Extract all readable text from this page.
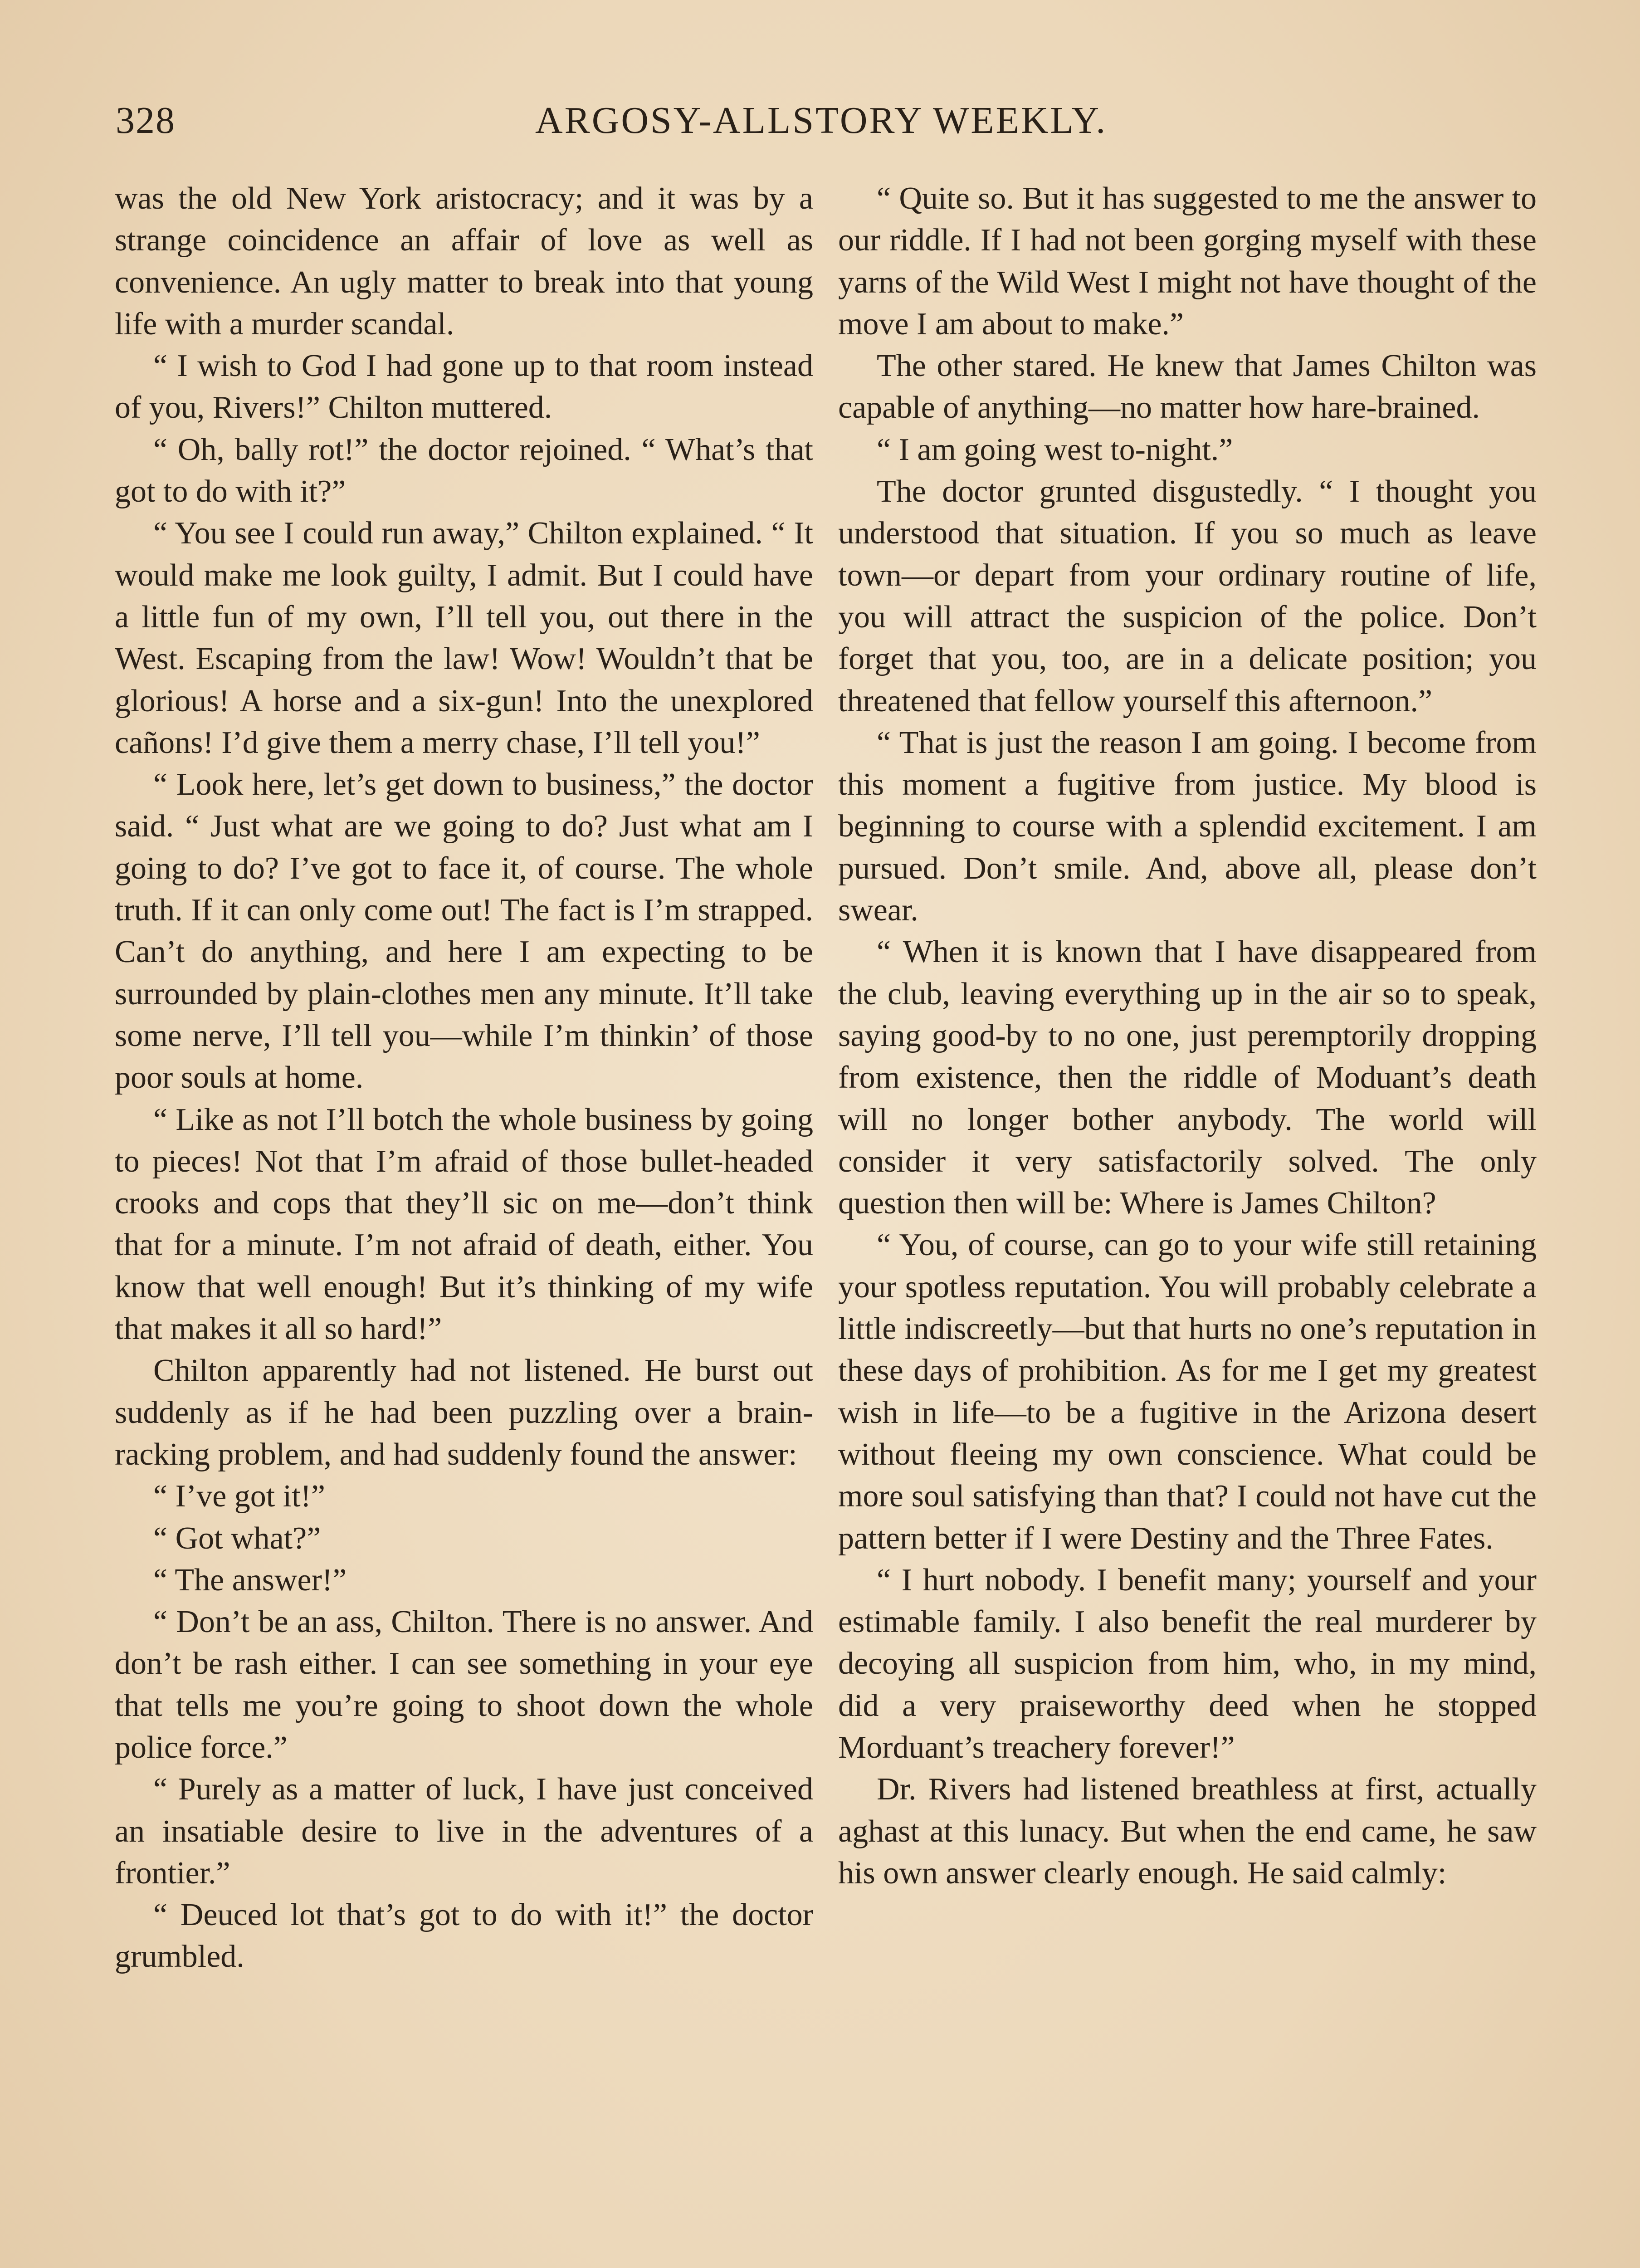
328	ARGOSY-ALLSTORY WEEKLY.

was the old New York aristocracy; and it was by a strange coincidence an affair of love as well as convenience. An ugly matter to break into that young life with a murder scandal.

“ I wish to God I had gone up to that room instead of you, Rivers!” Chilton muttered.

“ Oh, bally rot!” the doctor rejoined. “ What’s that got to do with it?”

“ You see I could run away,” Chilton explained. “ It would make me look guilty, I admit. But I could have a little fun of my own, I’ll tell you, out there in the West. Escaping from the law! Wow! Wouldn’t that be glorious! A horse and a six-gun! Into the unexplored cañons! I’d give them a merry chase, I’ll tell you!”

“ Look here, let’s get down to business,” the doctor said. “ Just what are we going to do? Just what am I going to do? I’ve got to face it, of course. The whole truth. If it can only come out! The fact is I’m strapped. Can’t do anything, and here I am expecting to be surrounded by plain-clothes men any minute. It’ll take some nerve, I’ll tell you—while I’m thinkin’ of those poor souls at home.

“ Like as not I’ll botch the whole business by going to pieces! Not that I’m afraid of those bullet-headed crooks and cops that they’ll sic on me—don’t think that for a minute. I’m not afraid of death, either. You know that well enough! But it’s thinking of my wife that makes it all so hard!”

Chilton apparently had not listened. He burst out suddenly as if he had been puzzling over a brain-racking problem, and had suddenly found the answer:

“ I’ve got it!”

“ Got what?”

“ The answer!”

“ Don’t be an ass, Chilton. There is no answer. And don’t be rash either. I can see something in your eye that tells me you’re going to shoot down the whole police force.”

“ Purely as a matter of luck, I have just conceived an insatiable desire to live in the adventures of a frontier.”

“ Deuced lot that’s got to do with it!” the doctor grumbled.

“ Quite so. But it has suggested to me the answer to our riddle. If I had not been gorging myself with these yarns of the Wild West I might not have thought of the move I am about to make.”

The other stared. He knew that James Chilton was capable of anything—no matter how hare-brained.

“ I am going west to-night.”

The doctor grunted disgustedly. “ I thought you understood that situation. If you so much as leave town—or depart from your ordinary routine of life, you will attract the suspicion of the police. Don’t forget that you, too, are in a delicate position; you threatened that fellow yourself this afternoon.”

“ That is just the reason I am going. I become from this moment a fugitive from justice. My blood is beginning to course with a splendid excitement. I am pursued. Don’t smile. And, above all, please don’t swear.

“ When it is known that I have disappeared from the club, leaving everything up in the air so to speak, saying good-by to no one, just peremptorily dropping from existence, then the riddle of Moduant’s death will no longer bother anybody. The world will consider it very satisfactorily solved. The only question then will be: Where is James Chilton?

“ You, of course, can go to your wife still retaining your spotless reputation. You will probably celebrate a little indiscreetly—but that hurts no one’s reputation in these days of prohibition. As for me I get my greatest wish in life—to be a fugitive in the Arizona desert without fleeing my own conscience. What could be more soul satisfying than that? I could not have cut the pattern better if I were Destiny and the Three Fates.

“ I hurt nobody. I benefit many; yourself and your estimable family. I also benefit the real murderer by decoying all suspicion from him, who, in my mind, did a very praiseworthy deed when he stopped Morduant’s treachery forever!”

Dr. Rivers had listened breathless at first, actually aghast at this lunacy. But when the end came, he saw his own answer clearly enough. He said calmly:
